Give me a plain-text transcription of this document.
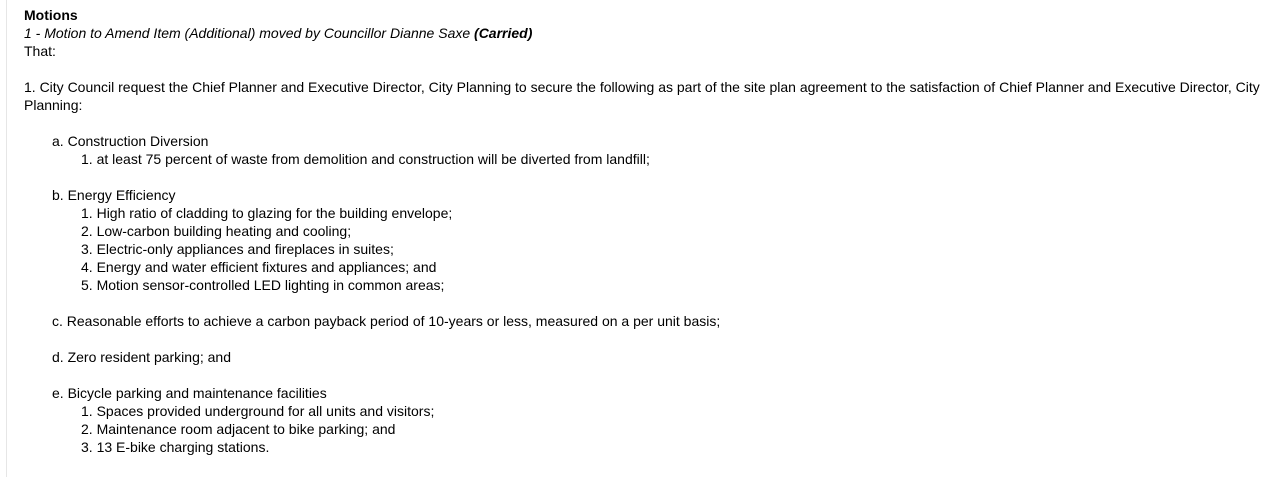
Motions

1 - Motion to Amend Item (Additional) moved by Councillor Dianne Saxe (Carried)

That:

1. City Council request the Chief Planner and Executive Director, City Planning to secure the following as part of the site plan agreement to the satisfaction of Chief Planner and Executive Director, City Planning:

a. Construction Diversion
1. at least 75 percent of waste from demolition and construction will be diverted from landfill;
b. Energy Efficiency
1. High ratio of cladding to glazing for the building envelope;
2. Low-carbon building heating and cooling;
3. Electric-only appliances and fireplaces in suites;
4. Energy and water efficient fixtures and appliances; and
5. Motion sensor-controlled LED lighting in common areas;
c. Reasonable efforts to achieve a carbon payback period of 10-years or less, measured on a per unit basis;
d. Zero resident parking; and
e. Bicycle parking and maintenance facilities
1. Spaces provided underground for all units and visitors;
2. Maintenance room adjacent to bike parking; and
3. 13 E-bike charging stations.
